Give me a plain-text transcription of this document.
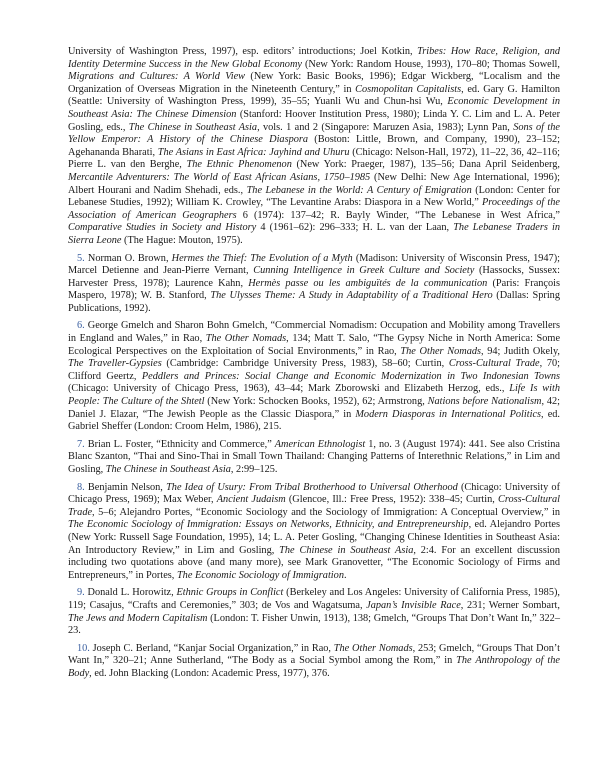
University of Washington Press, 1997), esp. editors’ introductions; Joel Kotkin, Tribes: How Race, Religion, and Identity Determine Success in the New Global Economy (New York: Random House, 1993), 170–80; Thomas Sowell, Migrations and Cultures: A World View (New York: Basic Books, 1996); Edgar Wickberg, “Localism and the Organization of Overseas Migration in the Nineteenth Century,” in Cosmopolitan Capitalists, ed. Gary G. Hamilton (Seattle: University of Washington Press, 1999), 35–55; Yuanli Wu and Chun-hsi Wu, Economic Development in Southeast Asia: The Chinese Dimension (Stanford: Hoover Institution Press, 1980); Linda Y. C. Lim and L. A. Peter Gosling, eds., The Chinese in Southeast Asia, vols. 1 and 2 (Singapore: Maruzen Asia, 1983); Lynn Pan, Sons of the Yellow Emperor: A History of the Chinese Diaspora (Boston: Little, Brown, and Company, 1990), 23–152; Agehananda Bharati, The Asians in East Africa: Jayhind and Uhuru (Chicago: Nelson-Hall, 1972), 11–22, 36, 42–116; Pierre L. van den Berghe, The Ethnic Phenomenon (New York: Praeger, 1987), 135–56; Dana April Seidenberg, Mercantile Adventurers: The World of East African Asians, 1750–1985 (New Delhi: New Age International, 1996); Albert Hourani and Nadim Shehadi, eds., The Lebanese in the World: A Century of Emigration (London: Center for Lebanese Studies, 1992); William K. Crowley, “The Levantine Arabs: Diaspora in a New World,” Proceedings of the Association of American Geographers 6 (1974): 137–42; R. Bayly Winder, “The Lebanese in West Africa,” Comparative Studies in Society and History 4 (1961–62): 296–333; H. L. van der Laan, The Lebanese Traders in Sierra Leone (The Hague: Mouton, 1975).

5. Norman O. Brown, Hermes the Thief: The Evolution of a Myth (Madison: University of Wisconsin Press, 1947); Marcel Detienne and Jean-Pierre Vernant, Cunning Intelligence in Greek Culture and Society (Hassocks, Sussex: Harvester Press, 1978); Laurence Kahn, Hermès passe ou les ambiguïtés de la communication (Paris: François Maspero, 1978); W. B. Stanford, The Ulysses Theme: A Study in Adaptability of a Traditional Hero (Dallas: Spring Publications, 1992).

6. George Gmelch and Sharon Bohn Gmelch, “Commercial Nomadism: Occupation and Mobility among Travellers in England and Wales,” in Rao, The Other Nomads, 134; Matt T. Salo, “The Gypsy Niche in North America: Some Ecological Perspectives on the Exploitation of Social Environments,” in Rao, The Other Nomads, 94; Judith Okely, The Traveller-Gypsies (Cambridge: Cambridge University Press, 1983), 58–60; Curtin, Cross-Cultural Trade, 70; Clifford Geertz, Peddlers and Princes: Social Change and Economic Modernization in Two Indonesian Towns (Chicago: University of Chicago Press, 1963), 43–44; Mark Zborowski and Elizabeth Herzog, eds., Life Is with People: The Culture of the Shtetl (New York: Schocken Books, 1952), 62; Armstrong, Nations before Nationalism, 42; Daniel J. Elazar, “The Jewish People as the Classic Diaspora,” in Modern Diasporas in International Politics, ed. Gabriel Sheffer (London: Croom Helm, 1986), 215.

7. Brian L. Foster, “Ethnicity and Commerce,” American Ethnologist 1, no. 3 (August 1974): 441. See also Cristina Blanc Szanton, “Thai and Sino-Thai in Small Town Thailand: Changing Patterns of Interethnic Relations,” in Lim and Gosling, The Chinese in Southeast Asia, 2:99–125.

8. Benjamin Nelson, The Idea of Usury: From Tribal Brotherhood to Universal Otherhood (Chicago: University of Chicago Press, 1969); Max Weber, Ancient Judaism (Glencoe, Ill.: Free Press, 1952): 338–45; Curtin, Cross-Cultural Trade, 5–6; Alejandro Portes, “Economic Sociology and the Sociology of Immigration: A Conceptual Overview,” in The Economic Sociology of Immigration: Essays on Networks, Ethnicity, and Entrepreneurship, ed. Alejandro Portes (New York: Russell Sage Foundation, 1995), 14; L. A. Peter Gosling, “Changing Chinese Identities in Southeast Asia: An Introductory Review,” in Lim and Gosling, The Chinese in Southeast Asia, 2:4. For an excellent discussion including two quotations above (and many more), see Mark Granovetter, “The Economic Sociology of Firms and Entrepreneurs,” in Portes, The Economic Sociology of Immigration.

9. Donald L. Horowitz, Ethnic Groups in Conflict (Berkeley and Los Angeles: University of California Press, 1985), 119; Casajus, “Crafts and Ceremonies,” 303; de Vos and Wagatsuma, Japan’s Invisible Race, 231; Werner Sombart, The Jews and Modern Capitalism (London: T. Fisher Unwin, 1913), 138; Gmelch, “Groups That Don’t Want In,” 322–23.

10. Joseph C. Berland, “Kanjar Social Organization,” in Rao, The Other Nomads, 253; Gmelch, “Groups That Don’t Want In,” 320–21; Anne Sutherland, “The Body as a Social Symbol among the Rom,” in The Anthropology of the Body, ed. John Blacking (London: Academic Press, 1977), 376.
